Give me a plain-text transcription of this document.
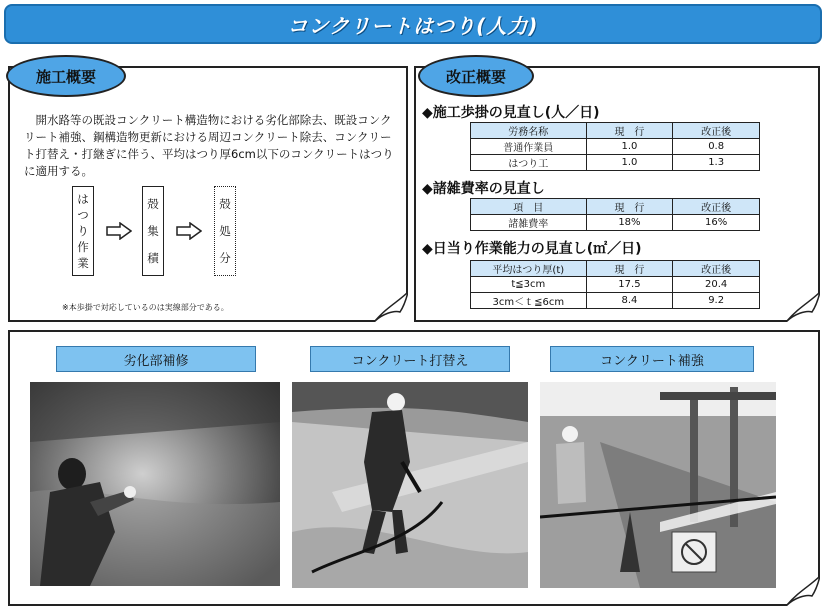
コンクリートはつり(人力)
開水路等の既設コンクリート構造物における劣化部除去、既設コンクリート補強、鋼構造物更新における周辺コンクリート除去、コンクリート打替え・打継ぎに伴う、平均はつり厚6cm以下のコンクリートはつりに適用する。
は
つ
り
作
業
殻
集
積
殻
処
分
※本歩掛で対応しているのは実線部分である。
施工概要
◆施工歩掛の見直し(人／日)
労務名称	現　行	改正後
普通作業員	1.0	0.8
はつり工	1.0	1.3
◆諸雑費率の見直し
項　目	現　行	改正後
諸雑費率	18%	16%
◆日当り作業能力の見直し(㎡／日)
平均はつり厚(t)	現　行	改正後
t≦3cm	17.5	20.4
3cm＜ｔ≦6cm	8.4	9.2
改正概要
劣化部補修	コンクリート打替え	コンクリート補強
